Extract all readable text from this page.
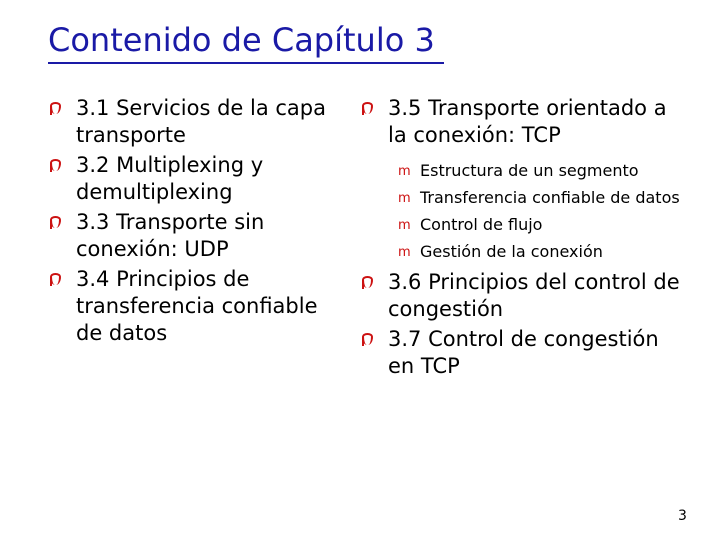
Contenido de Capítulo 3
3.1 Servicios de la capa transporte
3.2 Multiplexing y demultiplexing
3.3 Transporte sin conexión: UDP
3.4 Principios de transferencia confiable de datos
3.5 Transporte orientado a la conexión: TCP
m Estructura de un segmento
m Transferencia confiable de datos
m Control de flujo
m Gestión de la conexión
3.6 Principios del control de congestión
3.7 Control de congestión en TCP
3
